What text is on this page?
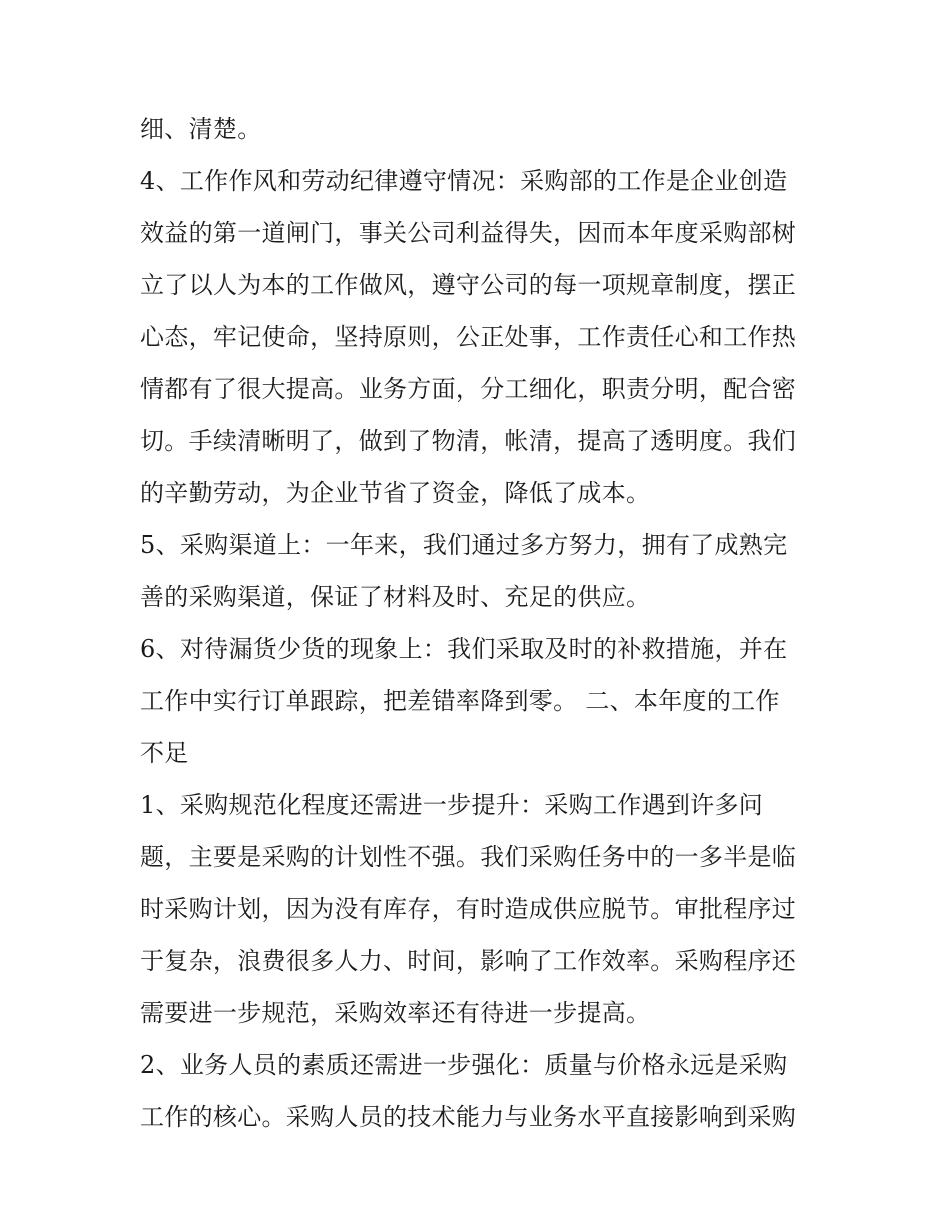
细、清楚。
4、工作作风和劳动纪律遵守情况：采购部的工作是企业创造
效益的第一道闸门，事关公司利益得失，因而本年度采购部树
立了以人为本的工作做风，遵守公司的每一项规章制度，摆正
心态，牢记使命，坚持原则，公正处事，工作责任心和工作热
情都有了很大提高。业务方面，分工细化，职责分明，配合密
切。手续清晰明了，做到了物清，帐清，提高了透明度。我们
的辛勤劳动，为企业节省了资金，降低了成本。
5、采购渠道上：一年来，我们通过多方努力，拥有了成熟完
善的采购渠道，保证了材料及时、充足的供应。
6、对待漏货少货的现象上：我们采取及时的补救措施，并在
工作中实行订单跟踪，把差错率降到零。 二、本年度的工作
不足
1、采购规范化程度还需进一步提升：采购工作遇到许多问
题，主要是采购的计划性不强。我们采购任务中的一多半是临
时采购计划，因为没有库存，有时造成供应脱节。审批程序过
于复杂，浪费很多人力、时间，影响了工作效率。采购程序还
需要进一步规范，采购效率还有待进一步提高。
2、业务人员的素质还需进一步强化：质量与价格永远是采购
工作的核心。采购人员的技术能力与业务水平直接影响到采购
